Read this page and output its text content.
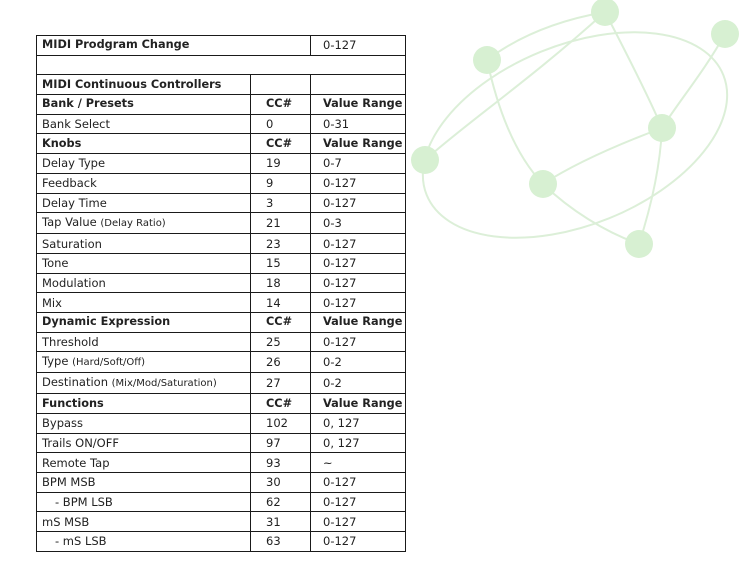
MIDI Prodgram Change		0-127

MIDI Continuous Controllers		
Bank / Presets	CC#	Value Range
Bank Select	0	0-31
Knobs	CC#	Value Range
Delay Type	19	0-7
Feedback	9	0-127
Delay Time	3	0-127
Tap Value (Delay Ratio)	21	0-3
Saturation	23	0-127
Tone	15	0-127
Modulation	18	0-127
Mix	14	0-127
Dynamic Expression	CC#	Value Range
Threshold	25	0-127
Type (Hard/Soft/Off)	26	0-2
Destination (Mix/Mod/Saturation)	27	0-2
Functions	CC#	Value Range
Bypass	102	0, 127
Trails ON/OFF	97	0, 127
Remote Tap	93	~
BPM MSB	30	0-127
- BPM LSB	62	0-127
mS MSB	31	0-127
- mS LSB	63	0-127
